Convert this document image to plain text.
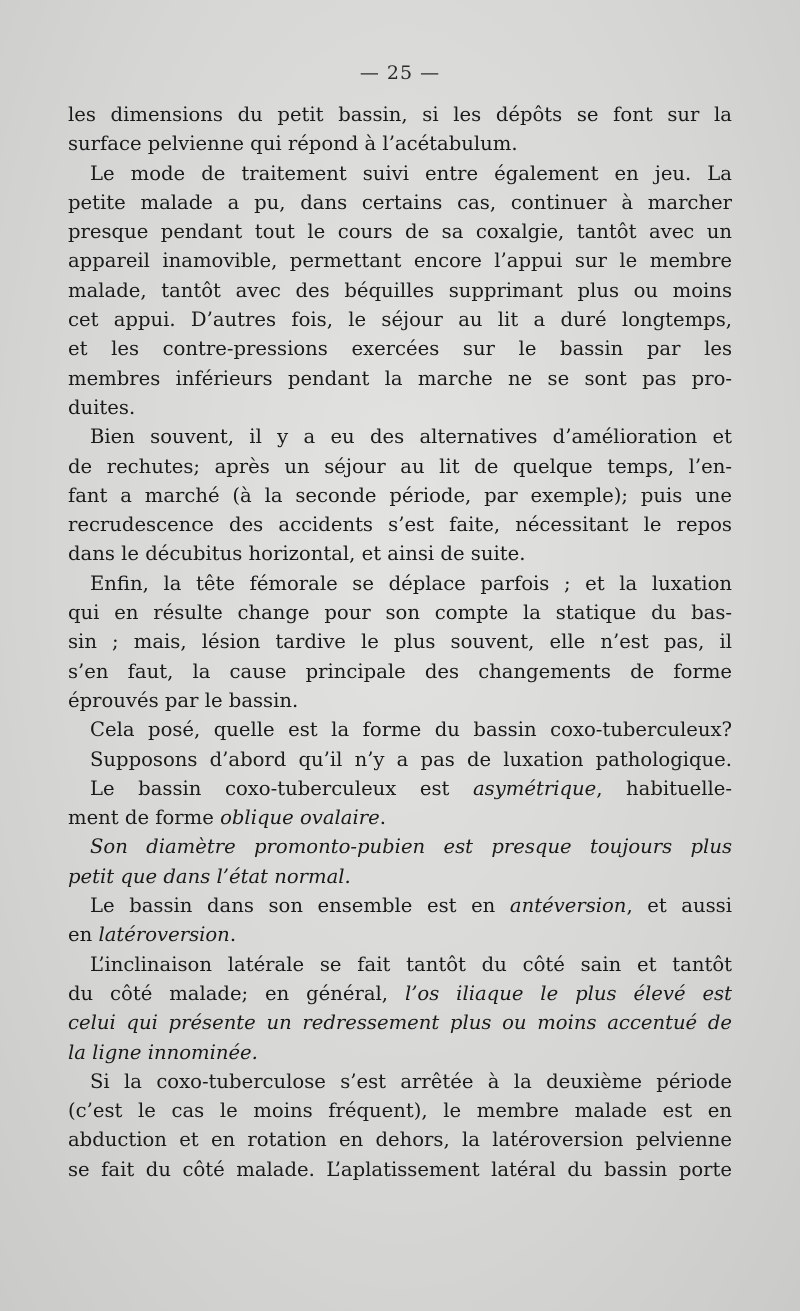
— 25 —
les dimensions du petit bassin, si les dépôts se font sur la
surface pelvienne qui répond à l’acétabulum.
Le mode de traitement suivi entre également en jeu. La
petite malade a pu, dans certains cas, continuer à marcher
presque pendant tout le cours de sa coxalgie, tantôt avec un
appareil inamovible, permettant encore l’appui sur le membre
malade, tantôt avec des béquilles supprimant plus ou moins
cet appui. D’autres fois, le séjour au lit a duré longtemps,
et les contre-pressions exercées sur le bassin par les
membres inférieurs pendant la marche ne se sont pas pro-
duites.
Bien souvent, il y a eu des alternatives d’amélioration et
de rechutes; après un séjour au lit de quelque temps, l’en-
fant a marché (à la seconde période, par exemple); puis une
recrudescence des accidents s’est faite, nécessitant le repos
dans le décubitus horizontal, et ainsi de suite.
Enfin, la tête fémorale se déplace parfois ; et la luxation
qui en résulte change pour son compte la statique du bas-
sin ; mais, lésion tardive le plus souvent, elle n’est pas, il
s’en faut, la cause principale des changements de forme
éprouvés par le bassin.
Cela posé, quelle est la forme du bassin coxo-tuberculeux?
Supposons d’abord qu’il n’y a pas de luxation pathologique.
Le bassin coxo-tuberculeux est asymétrique, habituelle-
ment de forme oblique ovalaire.
Son diamètre promonto-pubien est presque toujours plus
petit que dans l’état normal.
Le bassin dans son ensemble est en antéversion, et aussi
en latéroversion.
L’inclinaison latérale se fait tantôt du côté sain et tantôt
du côté malade; en général, l’os iliaque le plus élevé est
celui qui présente un redressement plus ou moins accentué de
la ligne innominée.
Si la coxo-tuberculose s’est arrêtée à la deuxième période
(c’est le cas le moins fréquent), le membre malade est en
abduction et en rotation en dehors, la latéroversion pelvienne
se fait du côté malade. L’aplatissement latéral du bassin porte
